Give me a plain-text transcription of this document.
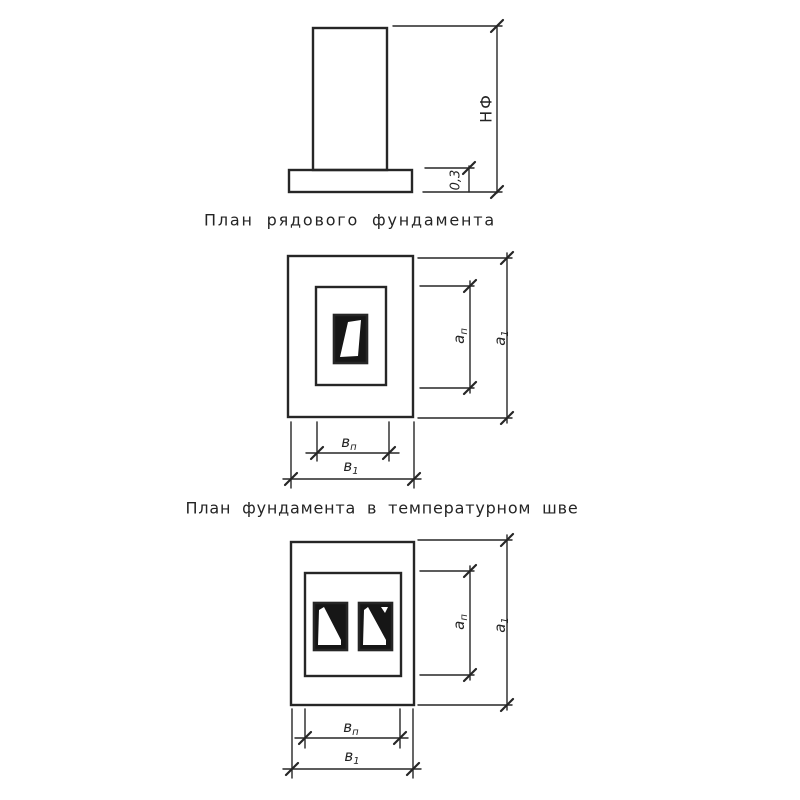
НФ
0,3
План рядового фундамента
$а_п$
$а_1$
$в_п$
$в_1$
План фундамента в температурном шве
$а_п$
$а_1$
$в_п$
$в_1$
